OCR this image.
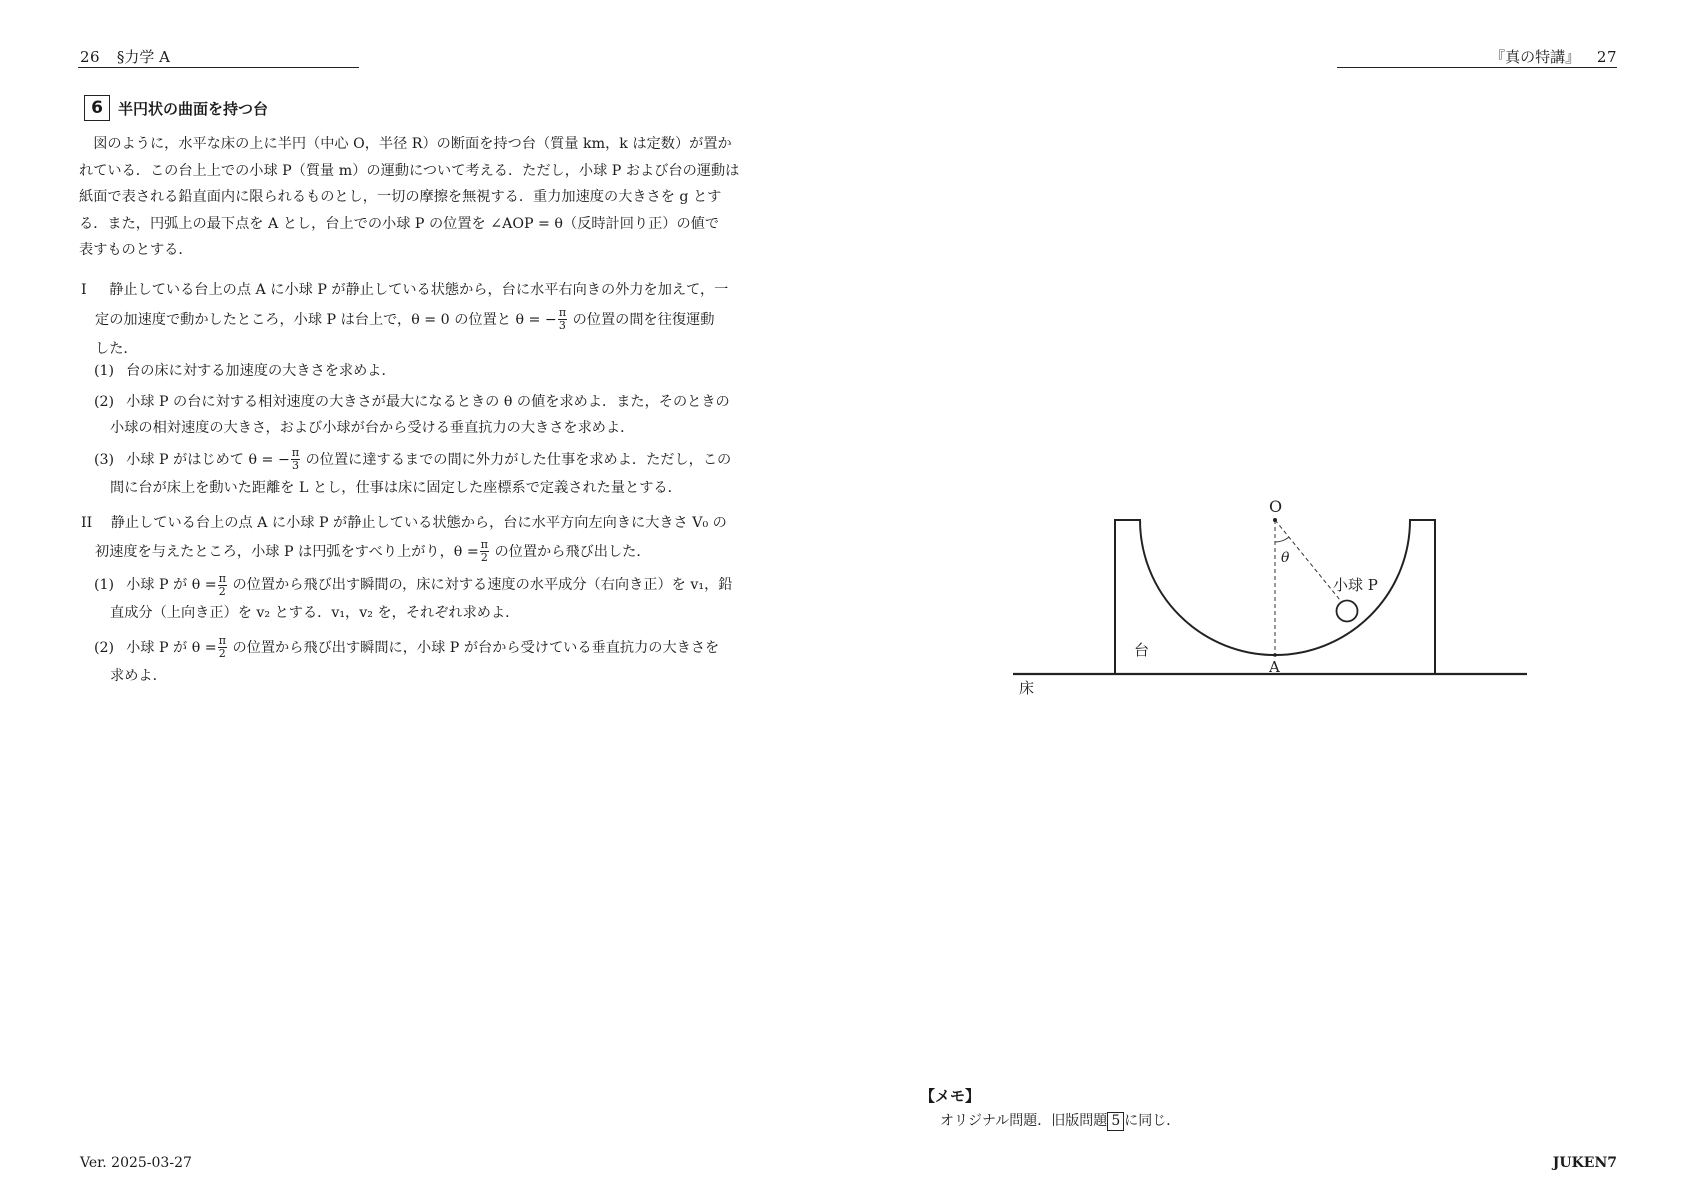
26 §力学 A	『真の特講』 27
6	半円状の曲面を持つ台
　図のように，水平な床の上に半円（中心 O，半径 R）の断面を持つ台（質量 km，k は定数）が置か
れている．この台上上での小球 P（質量 m）の運動について考える．ただし，小球 P および台の運動は
紙面で表される鉛直面内に限られるものとし，一切の摩擦を無視する．重力加速度の大きさを g とす
る．また，円弧上の最下点を A とし，台上での小球 P の位置を ∠AOP = θ（反時計回り正）の値で
表すものとする．
I 静止している台上の点 A に小球 P が静止している状態から，台に水平右向きの外力を加えて，一
定の加速度で動かしたところ，小球 P は台上で，θ = 0 の位置と θ = − $\frac{\pi}{3}$ の位置の間を往復運動
した．
(1) 台の床に対する加速度の大きさを求めよ．
(2) 小球 P の台に対する相対速度の大きさが最大になるときの θ の値を求めよ．また，そのときの
小球の相対速度の大きさ，および小球が台から受ける垂直抗力の大きさを求めよ．
(3) 小球 P がはじめて θ = − $\frac{\pi}{3}$ の位置に達するまでの間に外力がした仕事を求めよ．ただし，この
間に台が床上を動いた距離を L とし，仕事は床に固定した座標系で定義された量とする．
II 静止している台上の点 A に小球 P が静止している状態から，台に水平方向左向きに大きさ V₀ の
初速度を与えたところ，小球 P は円弧をすべり上がり，$\theta = \frac{\pi}{2}$ の位置から飛び出した．
(1) 小球 P が $\theta = \frac{\pi}{2}$ の位置から飛び出す瞬間の，床に対する速度の水平成分（右向き正）を v₁，鉛
直成分（上向き正）を v₂ とする．v₁，v₂ を，それぞれ求めよ．
(2) 小球 P が $\theta = \frac{\pi}{2}$ の位置から飛び出す瞬間に，小球 P が台から受けている垂直抗力の大きさを
求めよ．
O
θ
小球 P
台
A
床
【メモ】
オリジナル問題．旧版問題 5 に同じ．
Ver. 2025-03-27	JUKEN7
